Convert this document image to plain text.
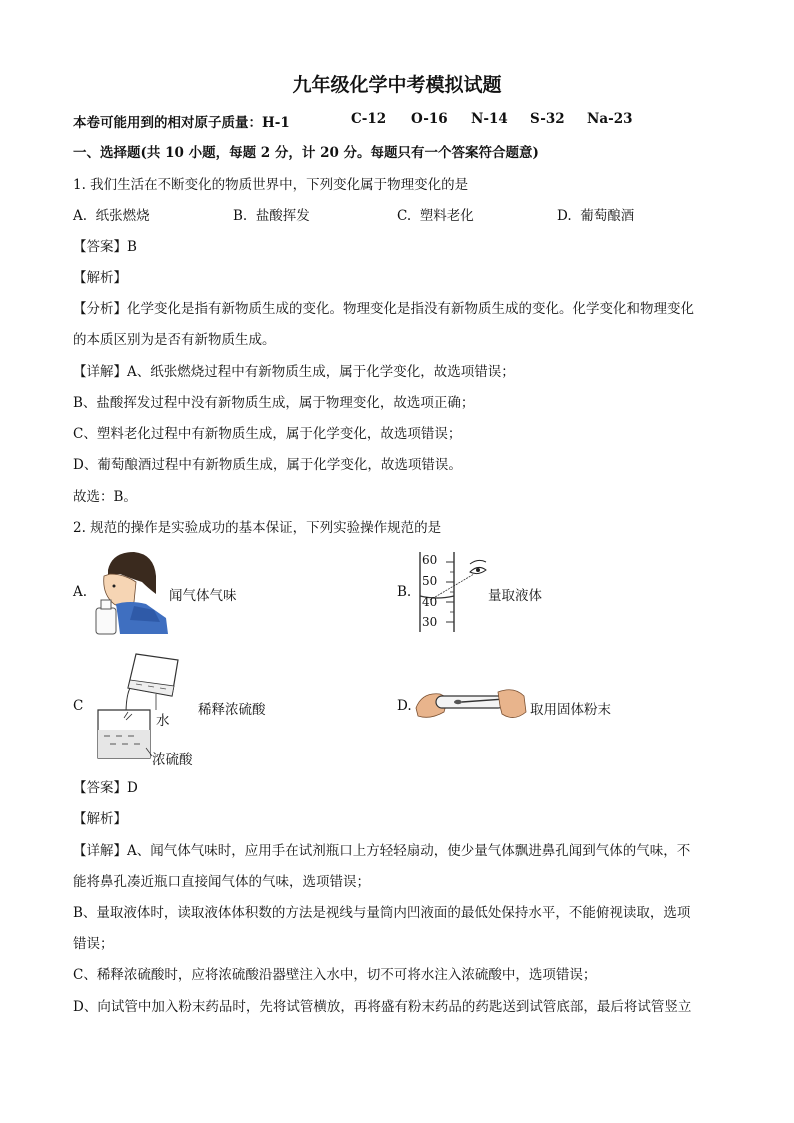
九年级化学中考模拟试题
本卷可能用到的相对原子质量：H-1	C-12 O-16 N-14 S-32 Na-23
一、选择题(共 10 小题，每题 2 分，计 20 分。每题只有一个答案符合题意)
1. 我们生活在不断变化的物质世界中，下列变化属于物理变化的是
A. 纸张燃烧	B. 盐酸挥发	C. 塑料老化	D. 葡萄酿酒
【答案】B
【解析】
【分析】化学变化是指有新物质生成的变化。物理变化是指没有新物质生成的变化。化学变化和物理变化
的本质区别为是否有新物质生成。
【详解】A、纸张燃烧过程中有新物质生成，属于化学变化，故选项错误；
B、盐酸挥发过程中没有新物质生成，属于物理变化，故选项正确；
C、塑料老化过程中有新物质生成，属于化学变化，故选项错误；
D、葡萄酿酒过程中有新物质生成，属于化学变化，故选项错误。
故选：B。
2. 规范的操作是实验成功的基本保证，下列实验操作规范的是
A.	闻气体气味	B.
60
50
40
30
量取液体
C
水
浓硫酸
稀释浓硫酸	D.	取用固体粉末
【答案】D
【解析】
【详解】A、闻气体气味时，应用手在试剂瓶口上方轻轻扇动，使少量气体飘进鼻孔闻到气体的气味，不
能将鼻孔凑近瓶口直接闻气体的气味，选项错误；
B、量取液体时，读取液体体积数的方法是视线与量筒内凹液面的最低处保持水平，不能俯视读取，选项
错误；
C、稀释浓硫酸时，应将浓硫酸沿器壁注入水中，切不可将水注入浓硫酸中，选项错误；
D、向试管中加入粉末药品时，先将试管横放，再将盛有粉末药品的药匙送到试管底部，最后将试管竖立
